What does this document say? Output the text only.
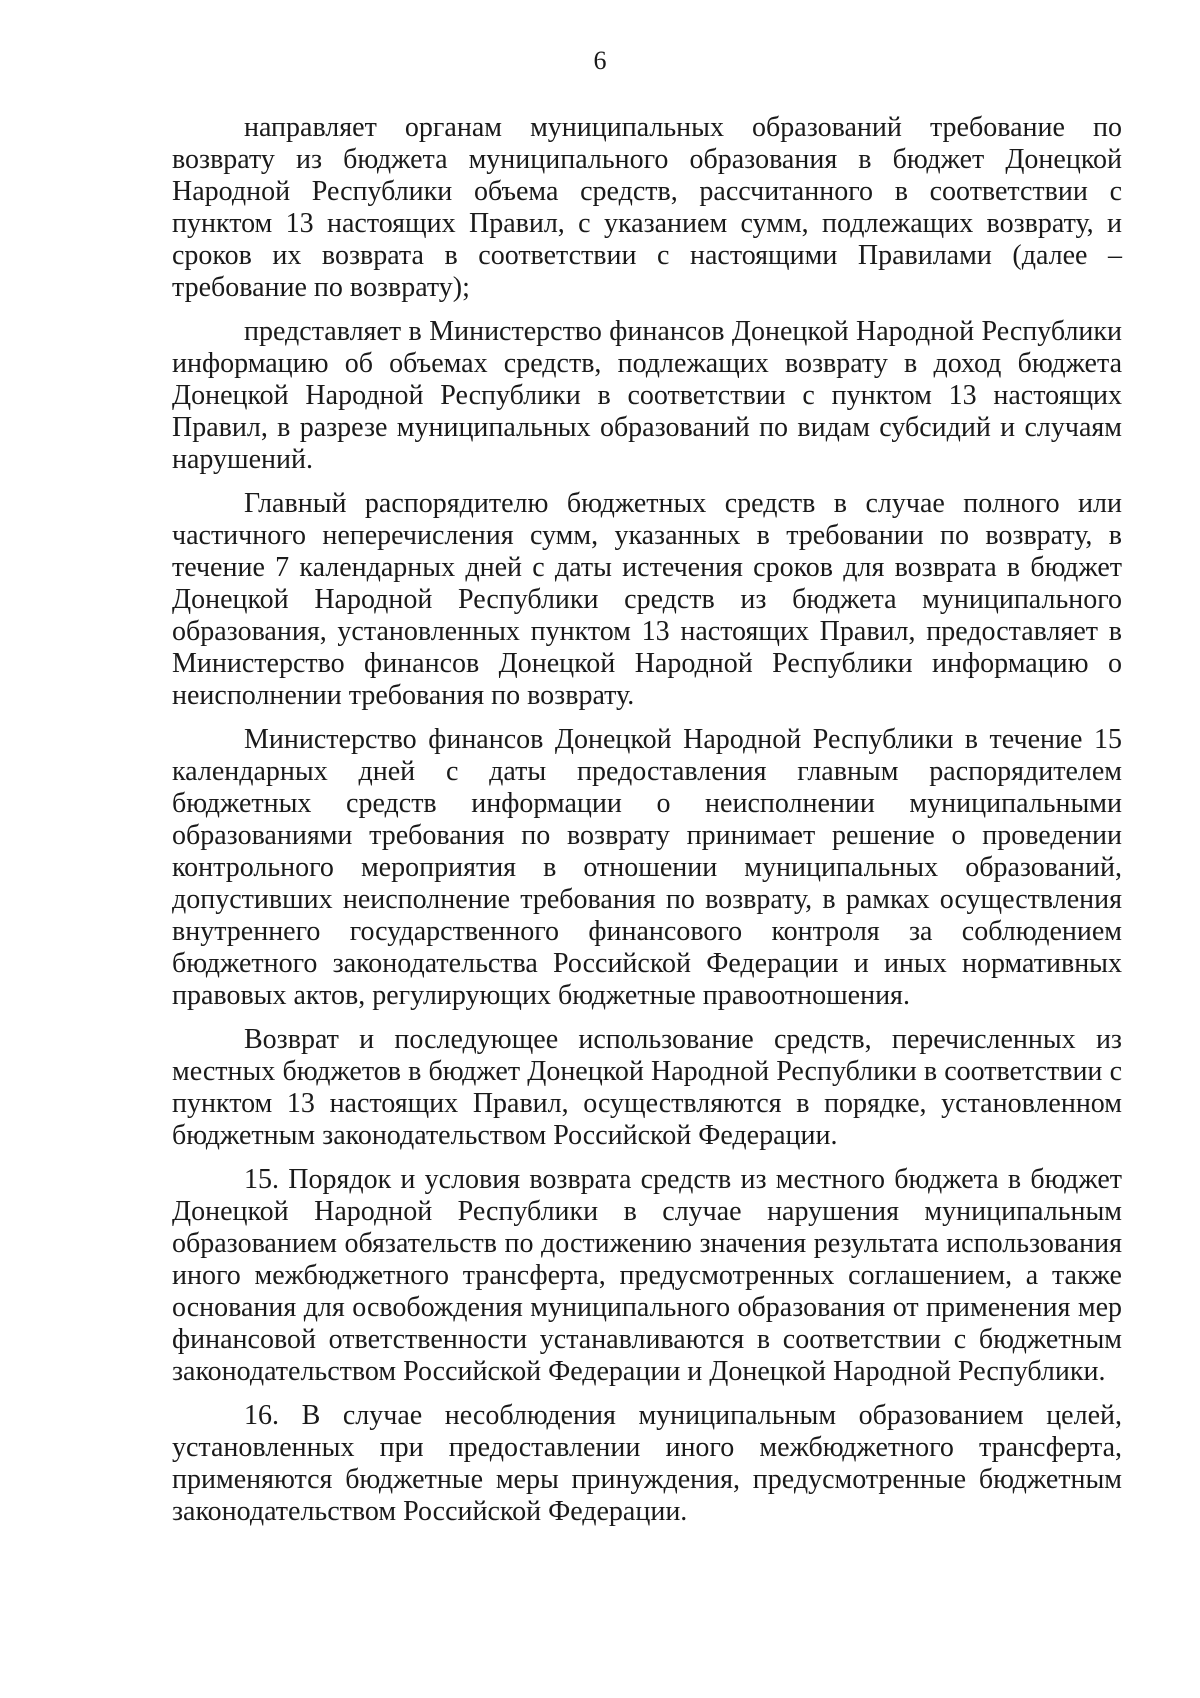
6

направляет органам муниципальных образований требование по возврату из бюджета муниципального образования в бюджет Донецкой Народной Республики объема средств, рассчитанного в соответствии с пунктом 13 настоящих Правил, с указанием сумм, подлежащих возврату, и сроков их возврата в соответствии с настоящими Правилами (далее – требование по возврату);

представляет в Министерство финансов Донецкой Народной Республики информацию об объемах средств, подлежащих возврату в доход бюджета Донецкой Народной Республики в соответствии с пунктом 13 настоящих Правил, в разрезе муниципальных образований по видам субсидий и случаям нарушений.

Главный распорядителю бюджетных средств в случае полного или частичного неперечисления сумм, указанных в требовании по возврату, в течение 7 календарных дней с даты истечения сроков для возврата в бюджет Донецкой Народной Республики средств из бюджета муниципального образования, установленных пунктом 13 настоящих Правил, предоставляет в Министерство финансов Донецкой Народной Республики информацию о неисполнении требования по возврату.

Министерство финансов Донецкой Народной Республики в течение 15 календарных дней с даты предоставления главным распорядителем бюджетных средств информации о неисполнении муниципальными образованиями требования по возврату принимает решение о проведении контрольного мероприятия в отношении муниципальных образований, допустивших неисполнение требования по возврату, в рамках осуществления внутреннего государственного финансового контроля за соблюдением бюджетного законодательства Российской Федерации и иных нормативных правовых актов, регулирующих бюджетные правоотношения.

Возврат и последующее использование средств, перечисленных из местных бюджетов в бюджет Донецкой Народной Республики в соответствии с пунктом 13 настоящих Правил, осуществляются в порядке, установленном бюджетным законодательством Российской Федерации.

15. Порядок и условия возврата средств из местного бюджета в бюджет Донецкой Народной Республики в случае нарушения муниципальным образованием обязательств по достижению значения результата использования иного межбюджетного трансферта, предусмотренных соглашением, а также основания для освобождения муниципального образования от применения мер финансовой ответственности устанавливаются в соответствии с бюджетным законодательством Российской Федерации и Донецкой Народной Республики.

16. В случае несоблюдения муниципальным образованием целей, установленных при предоставлении иного межбюджетного трансферта, применяются бюджетные меры принуждения, предусмотренные бюджетным законодательством Российской Федерации.
